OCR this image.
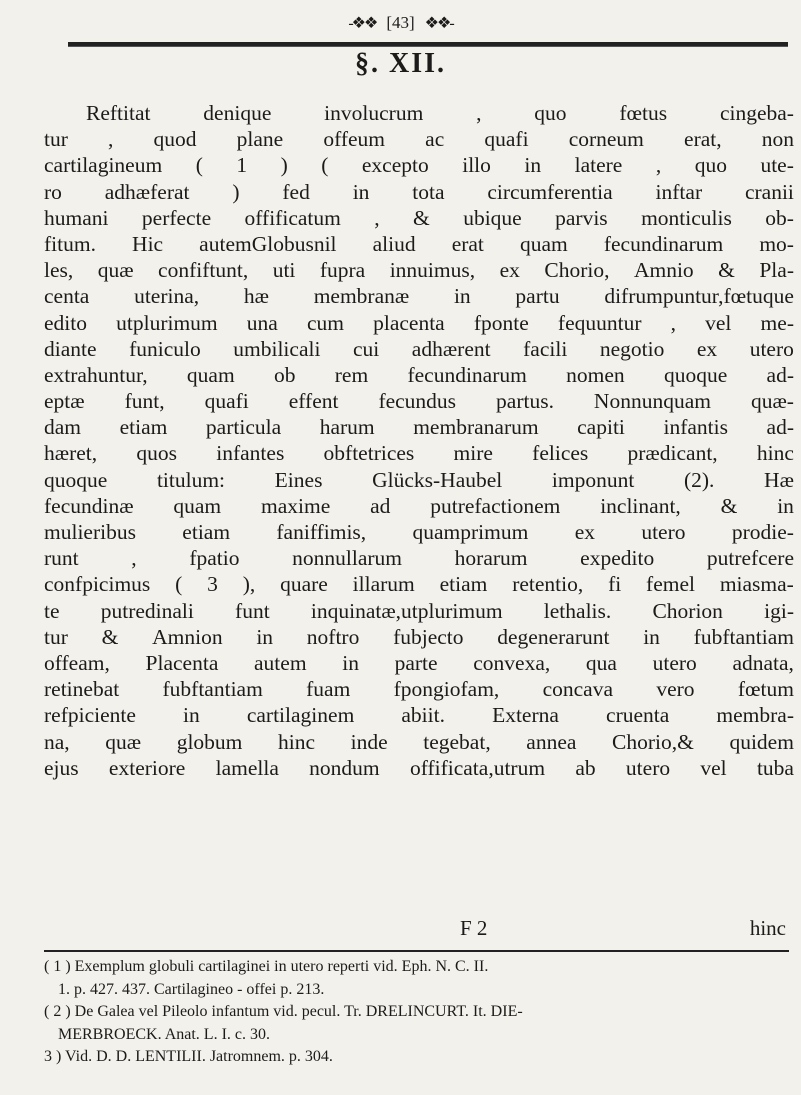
-❖❖ [43] ❖❖-
§. XII.
Reftitat denique involucrum , quo fœtus cingeba-
tur , quod plane offeum ac quafi corneum erat, non
cartilagineum ( 1 ) ( excepto illo in latere , quo ute-
ro adhæferat ) fed in tota circumferentia inftar cranii
humani perfecte offificatum , & ubique parvis monticulis ob-
fitum. Hic autemGlobusnil aliud erat quam fecundinarum mo-
les, quæ confiftunt, uti fupra innuimus, ex Chorio, Amnio & Pla-
centa uterina, hæ membranæ in partu difrumpuntur,fœtuque
edito utplurimum una cum placenta fponte fequuntur , vel me-
diante funiculo umbilicali cui adhærent facili negotio ex utero
extrahuntur, quam ob rem fecundinarum nomen quoque ad-
eptæ funt, quafi effent fecundus partus. Nonnunquam quæ-
dam etiam particula harum membranarum capiti infantis ad-
hæret, quos infantes obftetrices mire felices prædicant, hinc
quoque titulum: Eines Glücks-Haubel imponunt (2). Hæ
fecundinæ quam maxime ad putrefactionem inclinant, & in
mulieribus etiam faniffimis, quamprimum ex utero prodie-
runt , fpatio nonnullarum horarum expedito putrefcere
confpicimus ( 3 ), quare illarum etiam retentio, fi femel miasma-
te putredinali funt inquinatæ,utplurimum lethalis. Chorion igi-
tur & Amnion in noftro fubjecto degenerarunt in fubftantiam
offeam, Placenta autem in parte convexa, qua utero adnata,
retinebat fubftantiam fuam fpongiofam, concava vero fœtum
refpiciente in cartilaginem abiit. Externa cruenta membra-
na, quæ globum hinc inde tegebat, annea Chorio,& quidem
ejus exteriore lamella nondum offificata,utrum ab utero vel tuba
F 2	hinc
( 1 ) Exemplum globuli cartilaginei in utero reperti vid. Eph. N. C. II.
1. p. 427. 437. Cartilagineo - offei p. 213.
( 2 ) De Galea vel Pileolo infantum vid. pecul. Tr. DRELINCURT. It. DIE-
MERBROECK. Anat. L. I. c. 30.
3 ) Vid. D. D. LENTILII. Jatromnem. p. 304.
